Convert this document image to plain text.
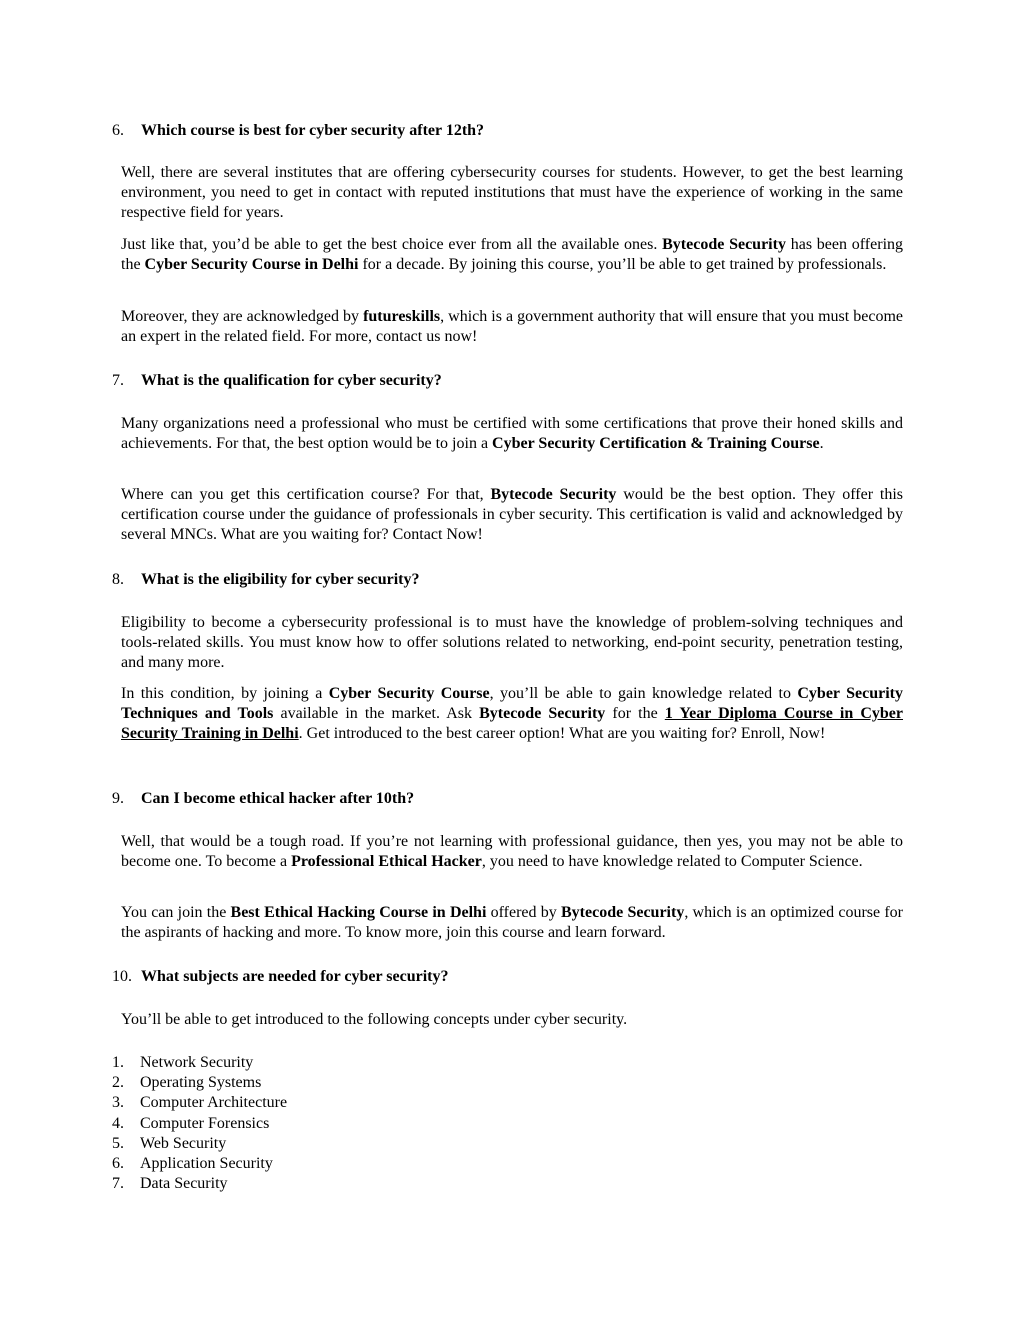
6. Which course is best for cyber security after 12th?

Well, there are several institutes that are offering cybersecurity courses for students. However, to get the best learning environment, you need to get in contact with reputed institutions that must have the experience of working in the same respective field for years.

Just like that, you’d be able to get the best choice ever from all the available ones. Bytecode Security has been offering the Cyber Security Course in Delhi for a decade. By joining this course, you’ll be able to get trained by professionals.

Moreover, they are acknowledged by futureskills, which is a government authority that will ensure that you must become an expert in the related field. For more, contact us now!

7. What is the qualification for cyber security?

Many organizations need a professional who must be certified with some certifications that prove their honed skills and achievements. For that, the best option would be to join a Cyber Security Certification & Training Course.

Where can you get this certification course? For that, Bytecode Security would be the best option. They offer this certification course under the guidance of professionals in cyber security. This certification is valid and acknowledged by several MNCs. What are you waiting for? Contact Now!

8. What is the eligibility for cyber security?

Eligibility to become a cybersecurity professional is to must have the knowledge of problem-solving techniques and tools-related skills. You must know how to offer solutions related to networking, end-point security, penetration testing, and many more.

In this condition, by joining a Cyber Security Course, you’ll be able to gain knowledge related to Cyber Security Techniques and Tools available in the market. Ask Bytecode Security for the 1 Year Diploma Course in Cyber Security Training in Delhi. Get introduced to the best career option! What are you waiting for? Enroll, Now!

9. Can I become ethical hacker after 10th?

Well, that would be a tough road. If you’re not learning with professional guidance, then yes, you may not be able to become one. To become a Professional Ethical Hacker, you need to have knowledge related to Computer Science.

You can join the Best Ethical Hacking Course in Delhi offered by Bytecode Security, which is an optimized course for the aspirants of hacking and more. To know more, join this course and learn forward.

10. What subjects are needed for cyber security?

You’ll be able to get introduced to the following concepts under cyber security.

1. Network Security
2. Operating Systems
3. Computer Architecture
4. Computer Forensics
5. Web Security
6. Application Security
7. Data Security
